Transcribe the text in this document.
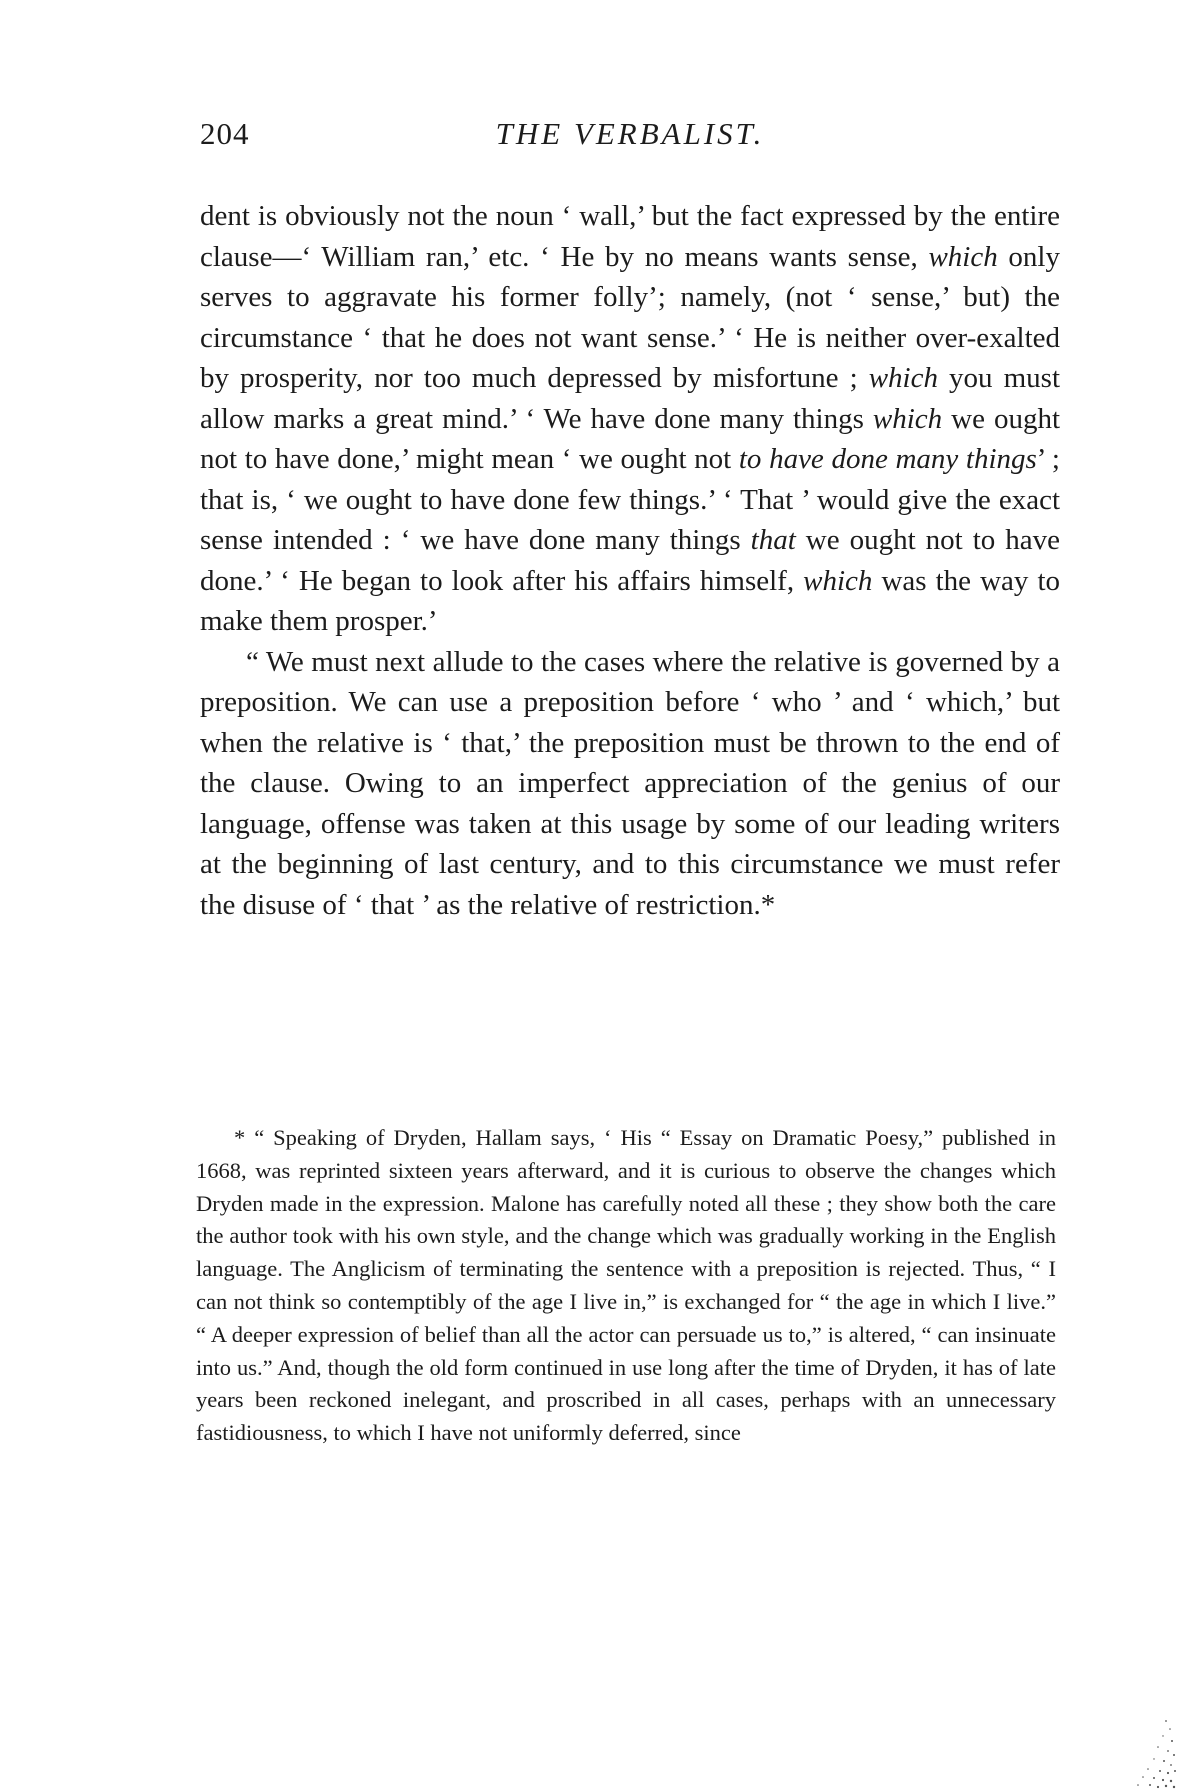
204	THE VERBALIST.

dent is obviously not the noun ‘ wall,’ but the fact expressed by the entire clause—‘ William ran,’ etc. ‘ He by no means wants sense, which only serves to aggravate his former folly’; namely, (not ‘ sense,’ but) the circumstance ‘ that he does not want sense.’ ‘ He is neither over-exalted by prosperity, nor too much depressed by misfortune ; which you must allow marks a great mind.’ ‘ We have done many things which we ought not to have done,’ might mean ‘ we ought not to have done many things’ ; that is, ‘ we ought to have done few things.’ ‘ That ’ would give the exact sense intended : ‘ we have done many things that we ought not to have done.’ ‘ He began to look after his affairs himself, which was the way to make them prosper.’

“ We must next allude to the cases where the relative is governed by a preposition. We can use a preposition before ‘ who ’ and ‘ which,’ but when the relative is ‘ that,’ the preposition must be thrown to the end of the clause. Owing to an imperfect appreciation of the genius of our language, offense was taken at this usage by some of our leading writers at the beginning of last century, and to this circumstance we must refer the disuse of ‘ that ’ as the relative of restriction.*

* “ Speaking of Dryden, Hallam says, ‘ His “ Essay on Dramatic Poesy,” published in 1668, was reprinted sixteen years afterward, and it is curious to observe the changes which Dryden made in the expression. Malone has carefully noted all these ; they show both the care the author took with his own style, and the change which was gradually working in the English language. The Anglicism of terminating the sentence with a preposition is rejected. Thus, “ I can not think so contemptibly of the age I live in,” is exchanged for “ the age in which I live.” “ A deeper expression of belief than all the actor can persuade us to,” is altered, “ can insinuate into us.” And, though the old form continued in use long after the time of Dryden, it has of late years been reckoned inelegant, and proscribed in all cases, perhaps with an unnecessary fastidiousness, to which I have not uniformly deferred, since
